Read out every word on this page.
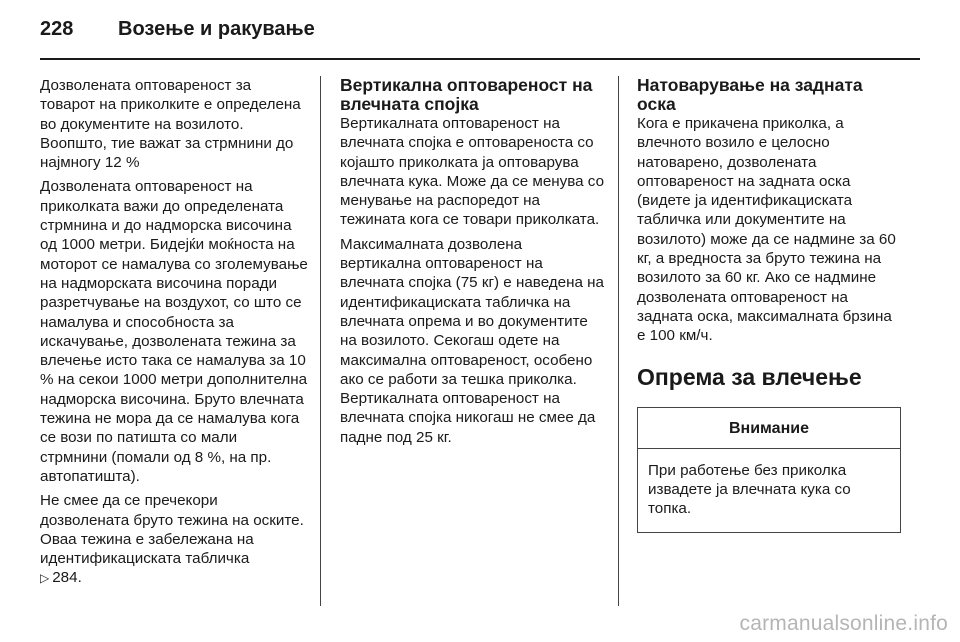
228	Возење и ракување

Дозволената оптовареност за товарот на приколките е определена во документите на возилото. Воопшто, тие важат за стрмнини до најмногу 12 %

Дозволената оптовареност на приколката важи до определената стрмнина и до надморска височина од 1000 метри. Бидејќи моќноста на моторот се намалува со зголемување на надморската височина поради разретчување на воздухот, со што се намалува и способноста за искачување, дозволената тежина за влечење исто така се намалува за 10 % на секои 1000 метри дополнителна надморска височина. Бруто влечната тежина не мора да се намалува кога се вози по патишта со мали стрмнини (помали од 8 %, на пр. автопатишта).

Не смее да се пречекори дозволената бруто тежина на оските. Оваа тежина е забележана на идентификациската табличка
▷ 284.

Вертикална оптовареност на влечната спојка

Вертикалната оптовареност на влечната спојка е оптовареноста со којашто приколката ја оптоварува влечната кука. Може да се менува со менување на распоредот на тежината кога се товари приколката.

Максималната дозволена вертикална оптовареност на влечната спојка (75 кг) е наведена на идентификациската табличка на влечната опрема и во документите на возилото. Секогаш одете на максимална оптовареност, особено ако се работи за тешка приколка. Вертикалната оптовареност на влечната спојка никогаш не смее да падне под 25 кг.

Натоварување на задната оска

Кога е прикачена приколка, а влечното возило е целосно натоварено, дозволената оптовареност на задната оска (видете ја идентификациската табличка или документите на возилото) може да се надмине за 60 кг, а вредноста за бруто тежина на возилото за 60 кг. Ако се надмине дозволената оптовареност на задната оска, максималната брзина е 100 км/ч.

Опрема за влечење
Внимание
При работење без приколка извадете ја влечната кука со топка.
carmanualsonline.info
